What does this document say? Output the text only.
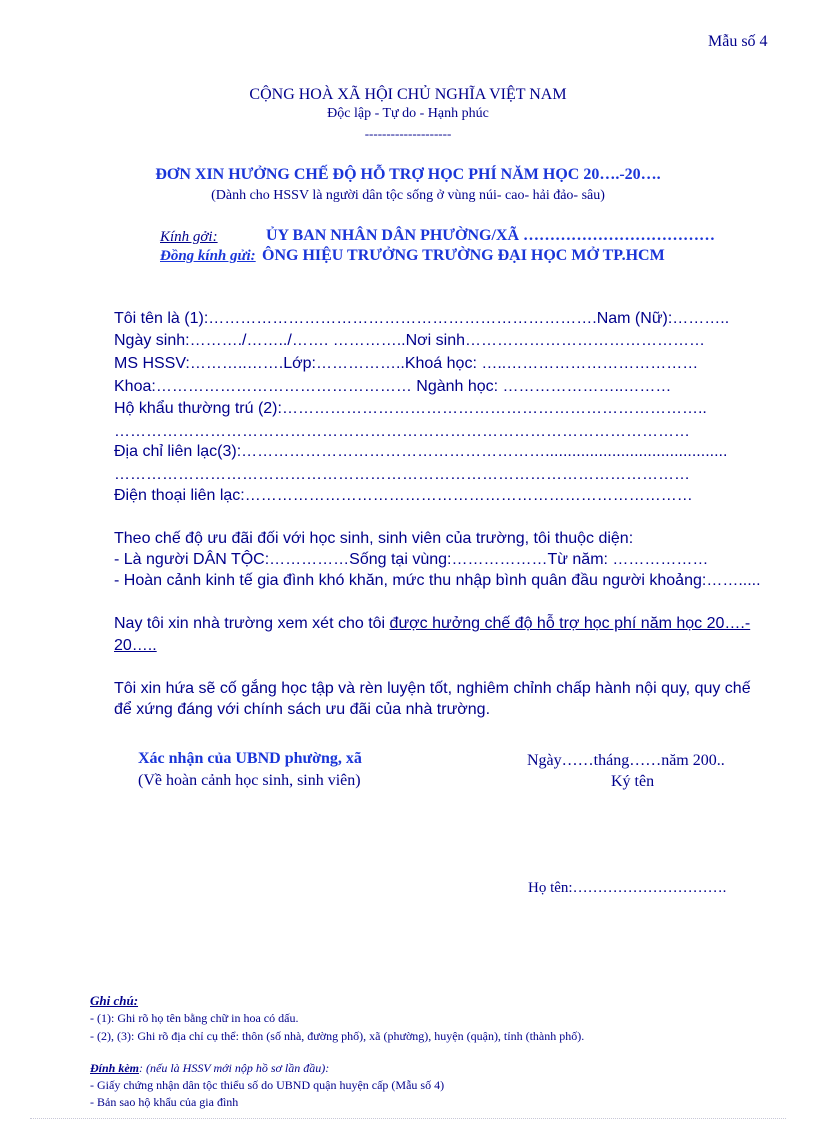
Mẫu số 4
CỘNG HOÀ XÃ HỘI CHỦ NGHĨA VIỆT NAM
Độc lập - Tự do - Hạnh phúc
--------------------
ĐƠN XIN HƯỞNG CHẾ ĐỘ HỖ TRỢ HỌC PHÍ NĂM HỌC 20….-20….
(Dành cho HSSV là người dân tộc sống ở vùng núi- cao- hải đảo- sâu)
Kính gởi:	ỦY BAN NHÂN DÂN PHƯỜNG/XÃ ………………………………
Đồng kính gửi: ÔNG HIỆU TRƯỞNG TRƯỜNG ĐẠI HỌC MỞ TP.HCM
Tôi tên là (1):……………………………………………………………….Nam (Nữ):………..
Ngày sinh:………./……../……. …………..Nơi sinh………………………………………
MS HSSV:………..…….Lớp:……………..Khoá học: …..………………………………
Khoa:………………………………………… Ngành học: …………………..………
Hộ khẩu thường trú (2):……………………………………………………………………..
………………………………………………………………………………………………
Địa chỉ liên lạc(3):………………………………………………….........................................
………………………………………………………………………………………………
Điện thoại liên lạc:…………………………………………………………………………
Theo chế độ ưu đãi đối với học sinh, sinh viên của trường, tôi thuộc diện:
- Là người DÂN TỘC:……………Sống tại vùng:………………Từ năm: ………………
- Hoàn cảnh kinh tế gia đình khó khăn, mức thu nhập bình quân đầu người khoảng:…….....
Nay tôi xin nhà trường xem xét cho tôi được hưởng chế độ hỗ trợ học phí năm học 20….-
20…..
Tôi xin hứa sẽ cố gắng học tập và rèn luyện tốt, nghiêm chỉnh chấp hành nội quy, quy chế
để xứng đáng với chính sách ưu đãi của nhà trường.
Xác nhận của UBND phường, xã
(Về hoàn cảnh học sinh, sinh viên)
Ngày……tháng……năm 200..
Ký tên
Họ tên:………………………….
Ghi chú:
- (1): Ghi rõ họ tên bằng chữ in hoa có dấu.
- (2), (3): Ghi rõ địa chỉ cụ thể: thôn (số nhà, đường phố), xã (phường), huyện (quận), tỉnh (thành phố).
Đính kèm: (nếu là HSSV mới nộp hồ sơ lần đầu):
- Giấy chứng nhận dân tộc thiểu số do UBND quận huyện cấp (Mẫu số 4)
- Bản sao hộ khẩu của gia đình
